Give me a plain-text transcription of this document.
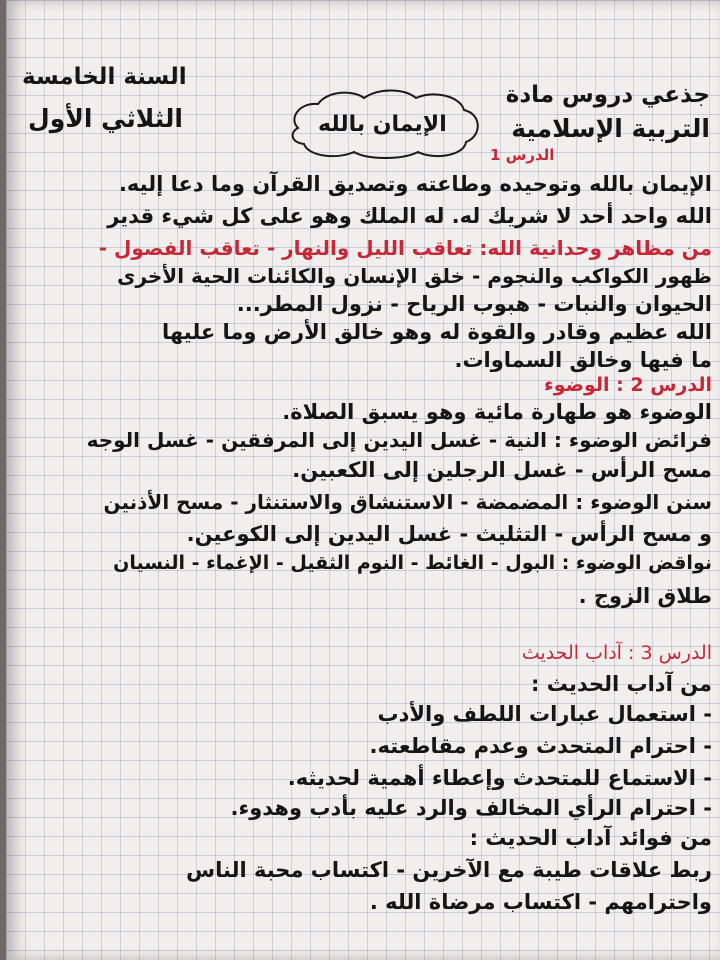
جذعي دروس مادة
التربية الإسلامية
السنة الخامسة
الثلاثي الأول	الإيمان بالله
الدرس 1
الإيمان بالله وتوحيده وطاعته وتصديق القرآن وما دعا إليه.
الله واحد أحد لا شريك له. له الملك وهو على كل شيء قدير
من مظاهر وحدانية الله: تعاقب الليل والنهار - تعاقب الفصول -
ظهور الكواكب والنجوم - خلق الإنسان والكائنات الحية الأخرى
الحيوان والنبات - هبوب الرياح - نزول المطر...
الله عظيم وقادر والقوة له وهو خالق الأرض وما عليها
ما فيها وخالق السماوات.
الدرس 2 : الوضوء
الوضوء هو طهارة مائية وهو يسبق الصلاة.
فرائض الوضوء : النية - غسل اليدين إلى المرفقين - غسل الوجه
مسح الرأس - غسل الرجلين إلى الكعبين.
سنن الوضوء : المضمضة - الاستنشاق والاستنثار - مسح الأذنين
و مسح الرأس - التثليث - غسل اليدين إلى الكوعين.
نواقض الوضوء : البول - الغائط - النوم الثقيل - الإغماء - النسيان
طلاق الزوج .
الدرس 3 : آداب الحديث
من آداب الحديث :
- استعمال عبارات اللطف والأدب
- احترام المتحدث وعدم مقاطعته.
- الاستماع للمتحدث وإعطاء أهمية لحديثه.
- احترام الرأي المخالف والرد عليه بأدب وهدوء.
من فوائد آداب الحديث :
ربط علاقات طيبة مع الآخرين - اكتساب محبة الناس
واحترامهم - اكتساب مرضاة الله .
